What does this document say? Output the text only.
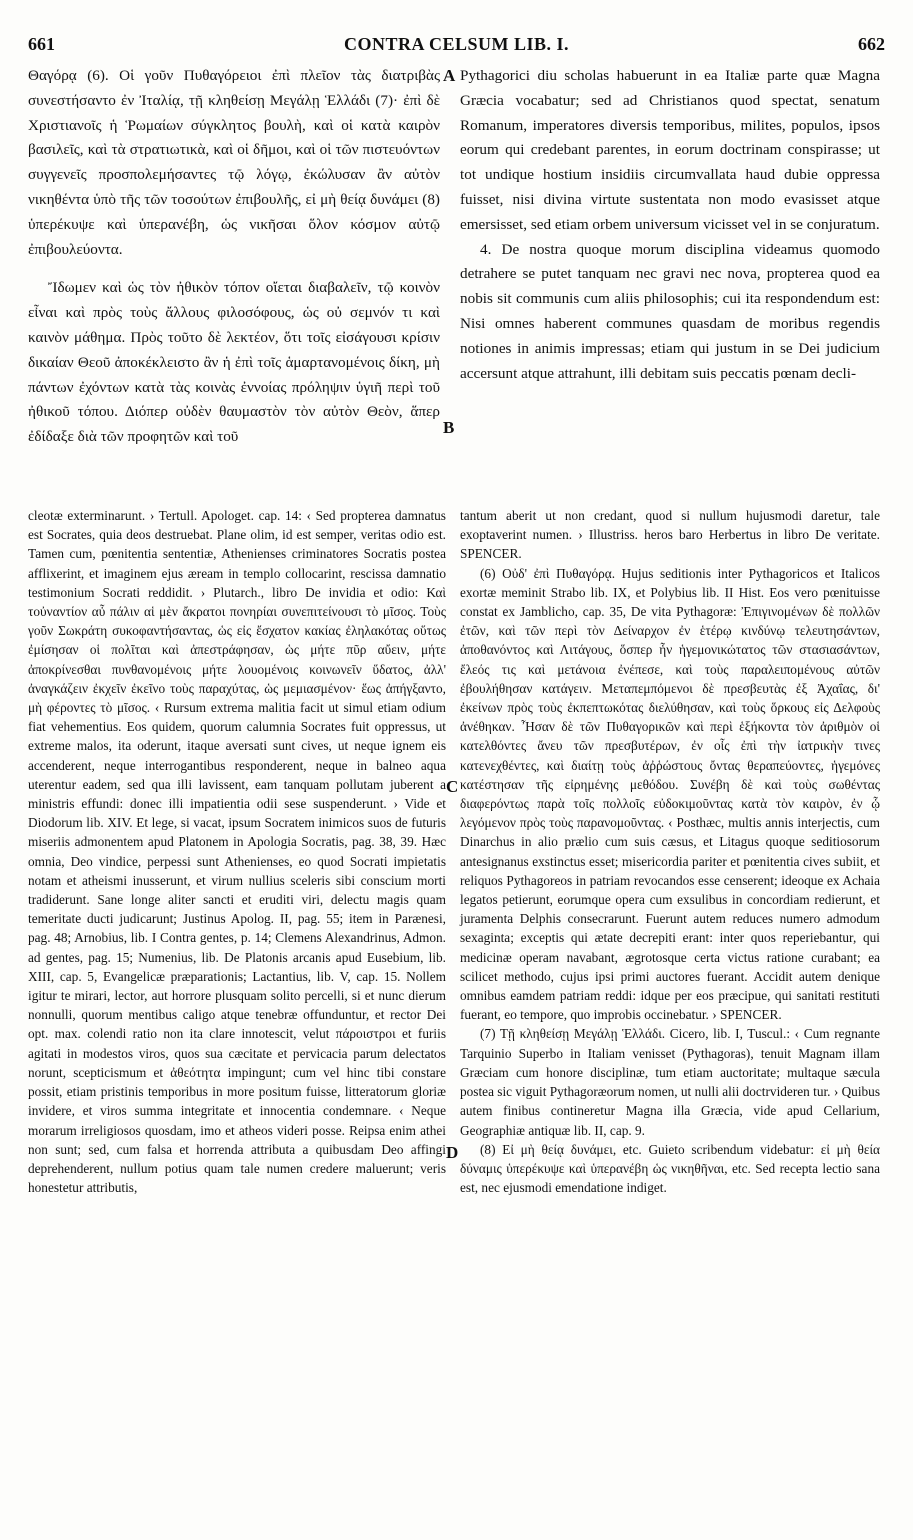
661	CONTRA CELSUM LIB. I.	662

Θαγόρᾳ (6). Οἱ γοῦν Πυθαγόρειοι ἐπὶ πλεῖον τὰς διατριβὰς συνεστήσαντο ἐν Ἰταλίᾳ, τῇ κληθείσῃ Μεγάλῃ Ἑλλάδι (7)· ἐπὶ δὲ Χριστιανοῖς ἡ Ῥωμαίων σύγκλητος βουλὴ, καὶ οἱ κατὰ καιρὸν βασιλεῖς, καὶ τὰ στρατιωτικὰ, καὶ οἱ δῆμοι, καὶ οἱ τῶν πιστευόντων συγγενεῖς προσπολεμήσαντες τῷ λόγῳ, ἐκώλυσαν ἂν αὐτὸν νικηθέντα ὑπὸ τῆς τῶν τοσούτων ἐπιβουλῆς, εἰ μὴ θείᾳ δυνάμει (8) ὑπερέκυψε καὶ ὑπερανέβη, ὡς νικῆσαι ὅλον κόσμον αὐτῷ ἐπιβουλεύοντα.

Ἴδωμεν καὶ ὡς τὸν ἠθικὸν τόπον οἴεται διαβαλεῖν, τῷ κοινὸν εἶναι καὶ πρὸς τοὺς ἄλλους φιλοσόφους, ὡς οὐ σεμνόν τι καὶ καινὸν μάθημα. Πρὸς τοῦτο δὲ λεκτέον, ὅτι τοῖς εἰσάγουσι κρίσιν δικαίαν Θεοῦ ἀποκέκλειστο ἂν ἡ ἐπὶ τοῖς ἁμαρτανομένοις δίκη, μὴ πάντων ἐχόντων κατὰ τὰς κοινὰς ἐννοίας πρόληψιν ὑγιῆ περὶ τοῦ ἠθικοῦ τόπου. Διόπερ οὐδὲν θαυμαστὸν τὸν αὐτὸν Θεὸν, ἅπερ ἐδίδαξε διὰ τῶν προφητῶν καὶ τοῦ

A
B
C
D

Pythagorici diu scholas habuerunt in ea Italiæ parte quæ Magna Græcia vocabatur; sed ad Christianos quod spectat, senatum Romanum, imperatores diversis temporibus, milites, populos, ipsos eorum qui credebant parentes, in eorum doctrinam conspirasse; ut tot undique hostium insidiis circumvallata haud dubie oppressa fuisset, nisi divina virtute sustentata non modo evasisset atque emersisset, sed etiam orbem universum vicisset vel in se conjuratum.

4. De nostra quoque morum disciplina videamus quomodo detrahere se putet tanquam nec gravi nec nova, propterea quod ea nobis sit communis cum aliis philosophis; cui ita respondendum est: Nisi omnes haberent communes quasdam de moribus regendis notiones in animis impressas; etiam qui justum in se Dei judicium accersunt atque attrahunt, illi debitam suis peccatis pœnam decli-

cleotæ exterminarunt. › Tertull. Apologet. cap. 14: ‹ Sed propterea damnatus est Socrates, quia deos destruebat. Plane olim, id est semper, veritas odio est. Tamen cum, pœnitentia sententiæ, Athenienses criminatores Socratis postea afflixerint, et imaginem ejus æream in templo collocarint, rescissa damnatio testimonium Socrati reddidit. › Plutarch., libro De invidia et odio: Καὶ τοὐναντίον αὖ πάλιν αἱ μὲν ἄκρατοι πονηρίαι συνεπιτείνουσι τὸ μῖσος. Τοὺς γοῦν Σωκράτη συκοφαντήσαντας, ὡς εἰς ἔσχατον κακίας ἐληλακότας οὕτως ἐμίσησαν οἱ πολῖται καὶ ἀπεστράφησαν, ὡς μήτε πῦρ αὔειν, μήτε ἀποκρίνεσθαι πυνθανομένοις μήτε λουομένοις κοινωνεῖν ὕδατος, ἀλλ' ἀναγκάζειν ἐκχεῖν ἐκεῖνο τοὺς παραχύτας, ὡς μεμιασμένον· ἕως ἀπήγξαντο, μὴ φέροντες τὸ μῖσος. ‹ Rursum extrema malitia facit ut simul etiam odium fiat vehementius. Eos quidem, quorum calumnia Socrates fuit oppressus, ut extreme malos, ita oderunt, itaque aversati sunt cives, ut neque ignem eis accenderent, neque interrogantibus responderent, neque in balneo aqua uterentur eadem, sed qua illi lavissent, eam tanquam pollutam juberent a ministris effundi: donec illi impatientia odii sese suspenderunt. › Vide et Diodorum lib. XIV. Et lege, si vacat, ipsum Socratem inimicos suos de futuris miseriis admonentem apud Platonem in Apologia Socratis, pag. 38, 39. Hæc omnia, Deo vindice, perpessi sunt Athenienses, eo quod Socrati impietatis notam et atheismi inusserunt, et virum nullius sceleris sibi conscium morti tradiderunt. Sane longe aliter sancti et eruditi viri, delectu magis quam temeritate ducti judicarunt; Justinus Apolog. II, pag. 55; item in Parænesi, pag. 48; Arnobius, lib. I Contra gentes, p. 14; Clemens Alexandrinus, Admon. ad gentes, pag. 15; Numenius, lib. De Platonis arcanis apud Eusebium, lib. XIII, cap. 5, Evangelicæ præparationis; Lactantius, lib. V, cap. 15. Nollem igitur te mirari, lector, aut horrore plusquam solito percelli, si et nunc dierum nonnulli, quorum mentibus caligo atque tenebræ offunduntur, et rector Dei opt. max. colendi ratio non ita clare innotescit, velut πάροιστροι et furiis agitati in modestos viros, quos sua cæcitate et pervicacia parum delectatos norunt, scepticismum et ἀθεότητα impingunt; cum vel hinc tibi constare possit, etiam pristinis temporibus in more positum fuisse, litteratorum gloriæ invidere, et viros summa integritate et innocentia condemnare. ‹ Neque morarum irreligiosos quosdam, imo et atheos videri posse. Reipsa enim athei non sunt; sed, cum falsa et horrenda attributa a quibusdam Deo affingi deprehenderent, nullum potius quam tale numen credere maluerunt; veris honestetur attributis,

tantum aberit ut non credant, quod si nullum hujusmodi daretur, tale exoptaverint numen. › Illustriss. heros baro Herbertus in libro De veritate. SPENCER.

(6) Οὐδ' ἐπὶ Πυθαγόρᾳ. Hujus seditionis inter Pythagoricos et Italicos exortæ meminit Strabo lib. IX, et Polybius lib. II Hist. Eos vero pœnituisse constat ex Jamblicho, cap. 35, De vita Pythagoræ: Ἐπιγινομένων δὲ πολλῶν ἐτῶν, καὶ τῶν περὶ τὸν Δείναρχον ἐν ἑτέρῳ κινδύνῳ τελευτησάντων, ἀποθανόντος καὶ Λιτάγους, ὅσπερ ἦν ἡγεμονικώτατος τῶν στασιασάντων, ἔλεός τις καὶ μετάνοια ἐνέπεσε, καὶ τοὺς παραλειπομένους αὐτῶν ἐβουλήθησαν κατάγειν. Μεταπεμπόμενοι δὲ πρεσβευτὰς ἐξ Ἀχαΐας, δι' ἐκείνων πρὸς τοὺς ἐκπεπτωκότας διελύθησαν, καὶ τοὺς ὅρκους εἰς Δελφοὺς ἀνέθηκαν. Ἦσαν δὲ τῶν Πυθαγορικῶν καὶ περὶ ἑξήκοντα τὸν ἀριθμὸν οἱ κατελθόντες ἄνευ τῶν πρεσβυτέρων, ἐν οἷς ἐπὶ τὴν ἰατρικὴν τινες κατενεχθέντες, καὶ διαίτῃ τοὺς ἀῤῥώστους ὄντας θεραπεύοντες, ἡγεμόνες κατέστησαν τῆς εἰρημένης μεθόδου. Συνέβη δὲ καὶ τοὺς σωθέντας διαφερόντως παρὰ τοῖς πολλοῖς εὐδοκιμοῦντας κατὰ τὸν καιρὸν, ἐν ᾧ λεγόμενον πρὸς τοὺς παρανομοῦντας. ‹ Posthæc, multis annis interjectis, cum Dinarchus in alio prælio cum suis cæsus, et Litagus quoque seditiosorum antesignanus exstinctus esset; misericordia pariter et pœnitentia cives subiit, et reliquos Pythagoreos in patriam revocandos esse censerent; ideoque ex Achaia legatos petierunt, eorumque opera cum exsulibus in concordiam redierunt, et juramenta Delphis consecrarunt. Fuerunt autem reduces numero admodum sexaginta; exceptis qui ætate decrepiti erant: inter quos reperiebantur, qui medicinæ operam navabant, ægrotosque certa victus ratione curabant; ea scilicet methodo, cujus ipsi primi auctores fuerant. Accidit autem denique omnibus eamdem patriam reddi: idque per eos præcipue, qui sanitati restituti fuerant, eo tempore, quo improbis occinebatur. › SPENCER.

(7) Τῇ κληθείσῃ Μεγάλῃ Ἑλλάδι. Cicero, lib. I, Tuscul.: ‹ Cum regnante Tarquinio Superbo in Italiam venisset (Pythagoras), tenuit Magnam illam Græciam cum honore disciplinæ, tum etiam auctoritate; multaque sæcula postea sic viguit Pythagoræorum nomen, ut nulli alii doctrvideren tur. › Quibus autem finibus contineretur Magna illa Græcia, vide apud Cellarium, Geographiæ antiquæ lib. II, cap. 9.

(8) Εἰ μὴ θείᾳ δυνάμει, etc. Guieto scribendum videbatur: εἰ μὴ θεία δύναμις ὑπερέκυψε καὶ ὑπερανέβη ὡς νικηθῆναι, etc. Sed recepta lectio sana est, nec ejusmodi emendatione indiget.
